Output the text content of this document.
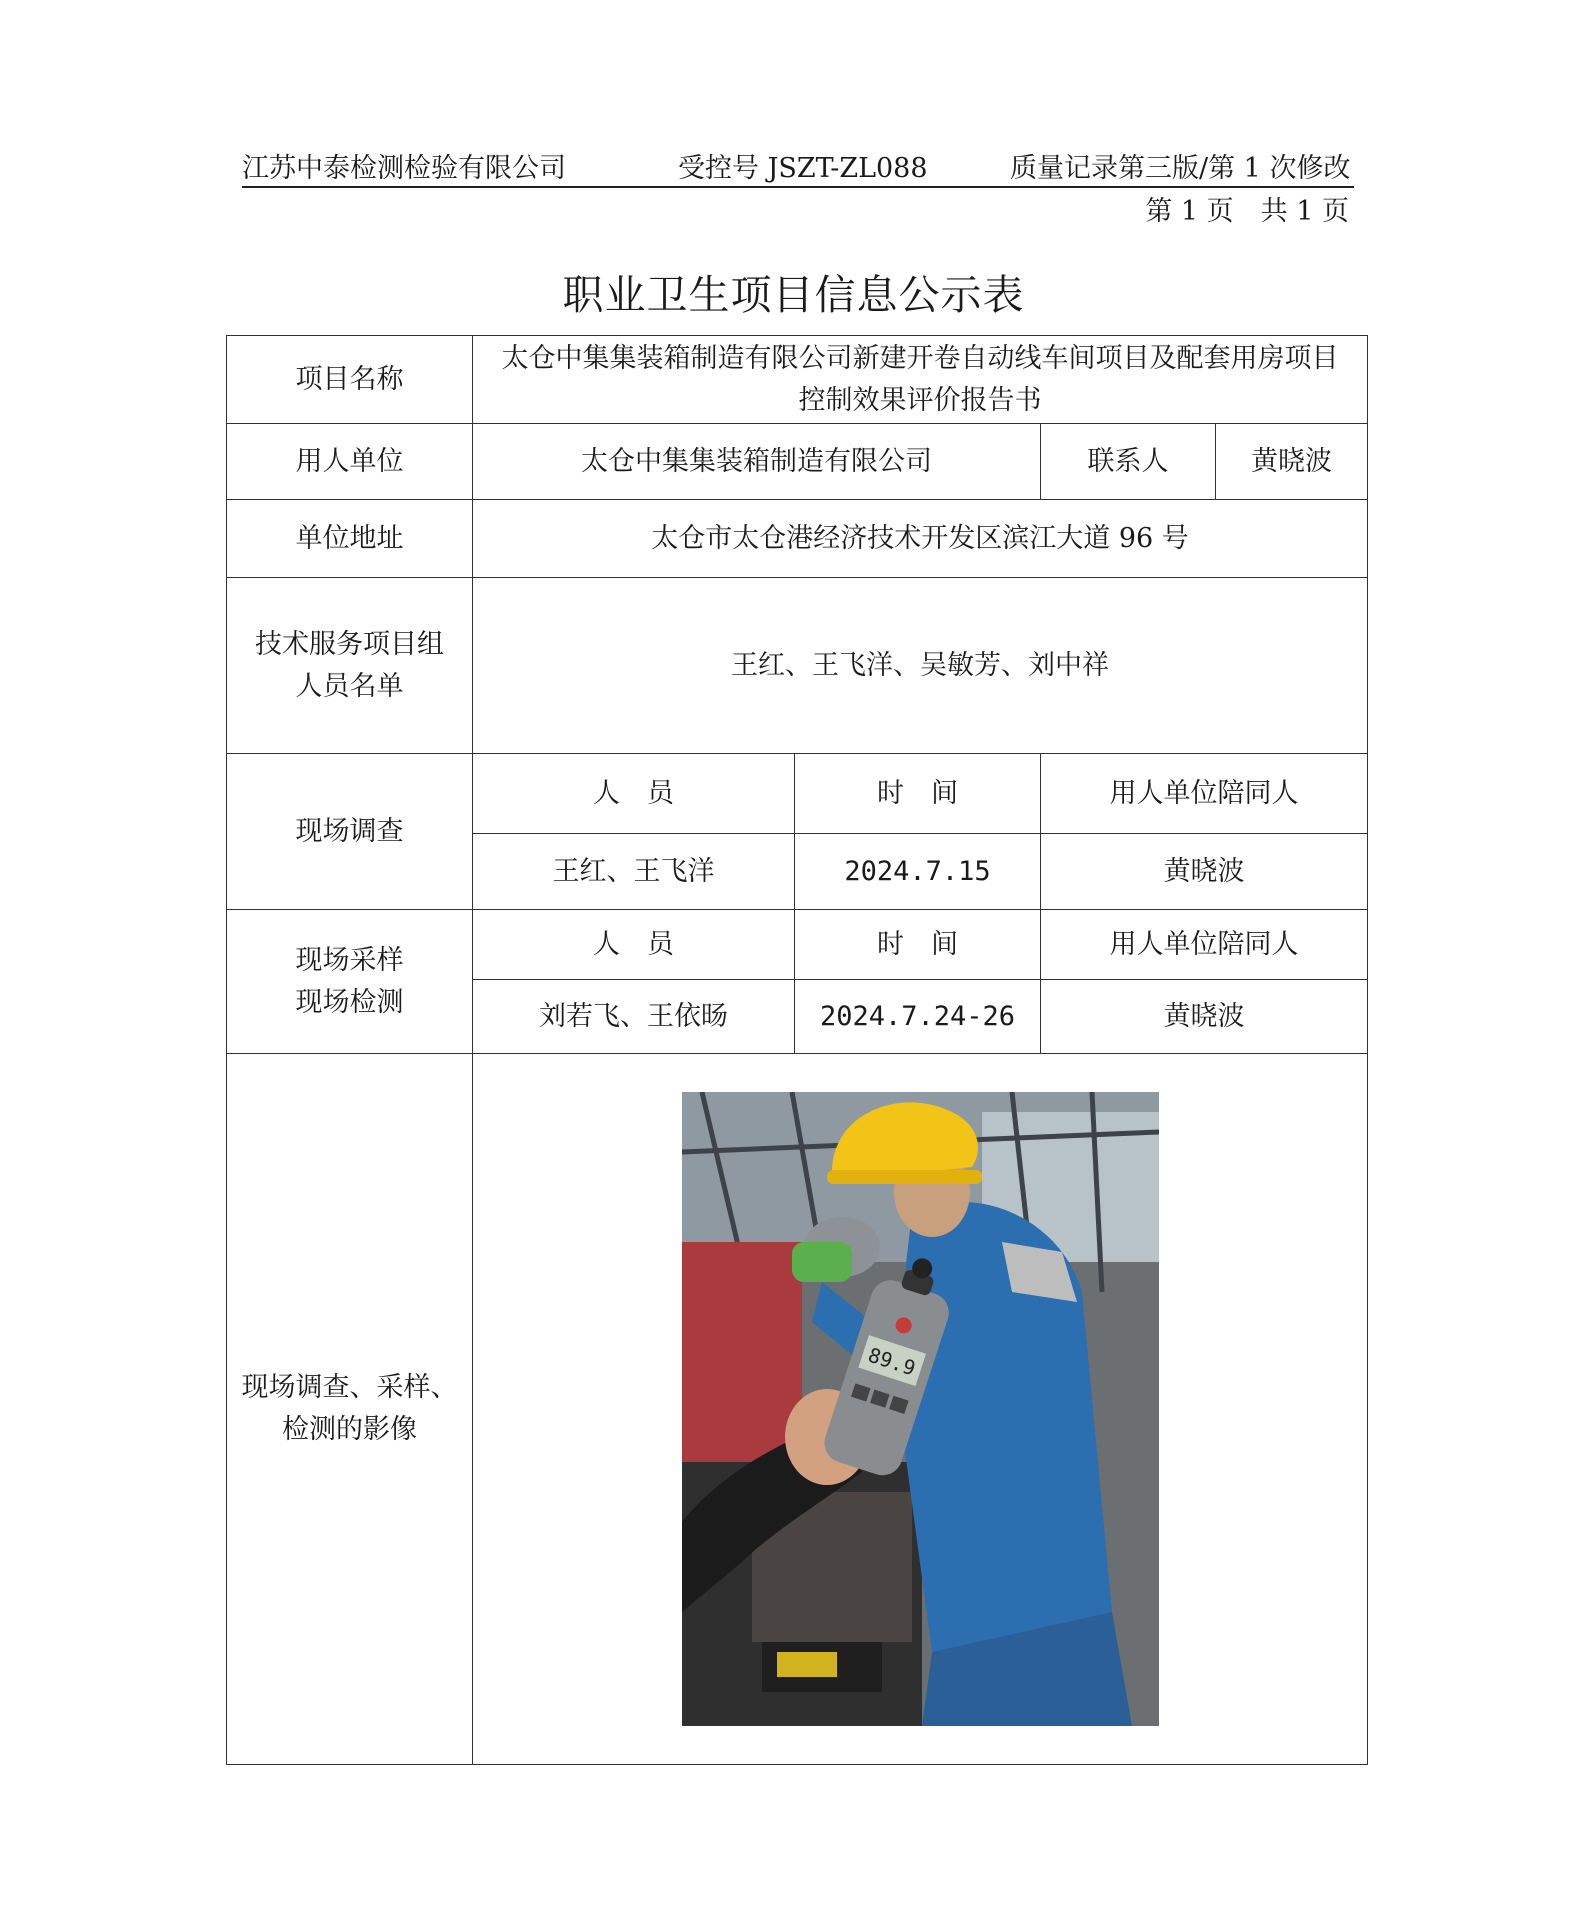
江苏中泰检测检验有限公司	受控号 JSZT-ZL088	质量记录第三版/第 1 次修改
第 1 页　共 1 页
职业卫生项目信息公示表
项目名称	太仓中集集装箱制造有限公司新建开卷自动线车间项目及配套用房项目控制效果评价报告书			
用人单位	太仓中集集装箱制造有限公司		联系人	黄晓波
单位地址	太仓市太仓港经济技术开发区滨江大道 96 号			

技术服务项目组
人员名单	王红、王飞洋、吴敏芳、刘中祥			
现场调查	人　员	时　间	用人单位陪同人	
	王红、王飞洋	2024.7.15	黄晓波	

现场采样
现场检测	人　员	时　间	用人单位陪同人	
	刘若飞、王依旸	2024.7.24-26	黄晓波	

现场调查、采样、
检测的影像	89.9			
